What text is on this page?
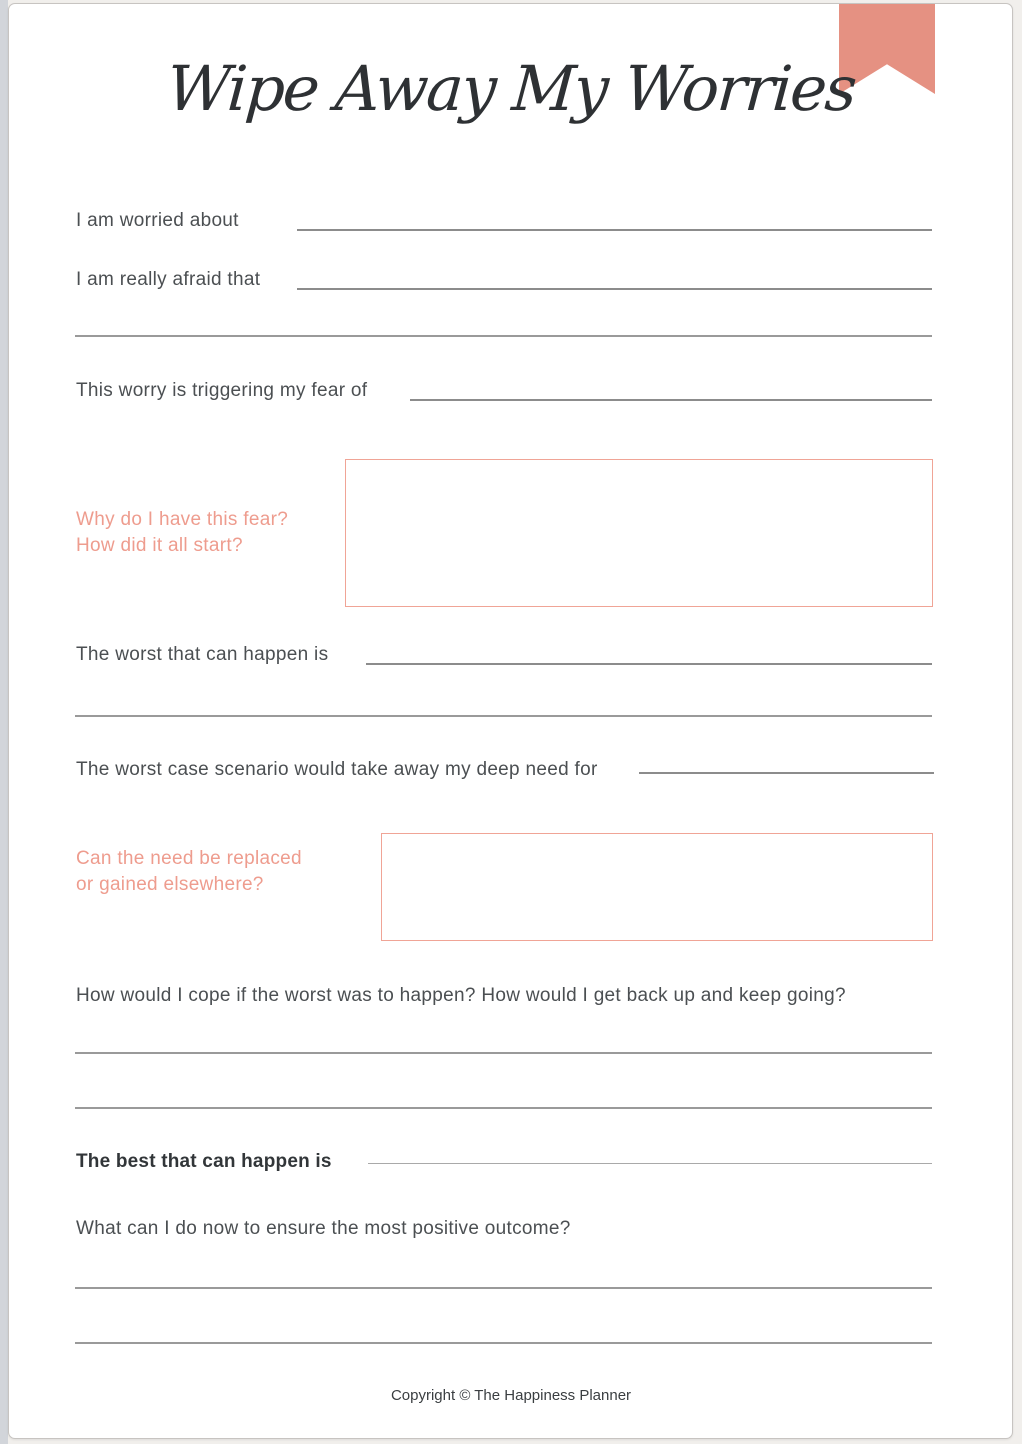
Wipe Away My Worries
I am worried about
I am really afraid that
This worry is triggering my fear of
Why do I have this fear?
How did it all start?
The worst that can happen is
The worst case scenario would take away my deep need for
Can the need be replaced
or gained elsewhere?
How would I cope if the worst was to happen? How would I get back up and keep going?
The best that can happen is
What can I do now to ensure the most positive outcome?
Copyright © The Happiness Planner
